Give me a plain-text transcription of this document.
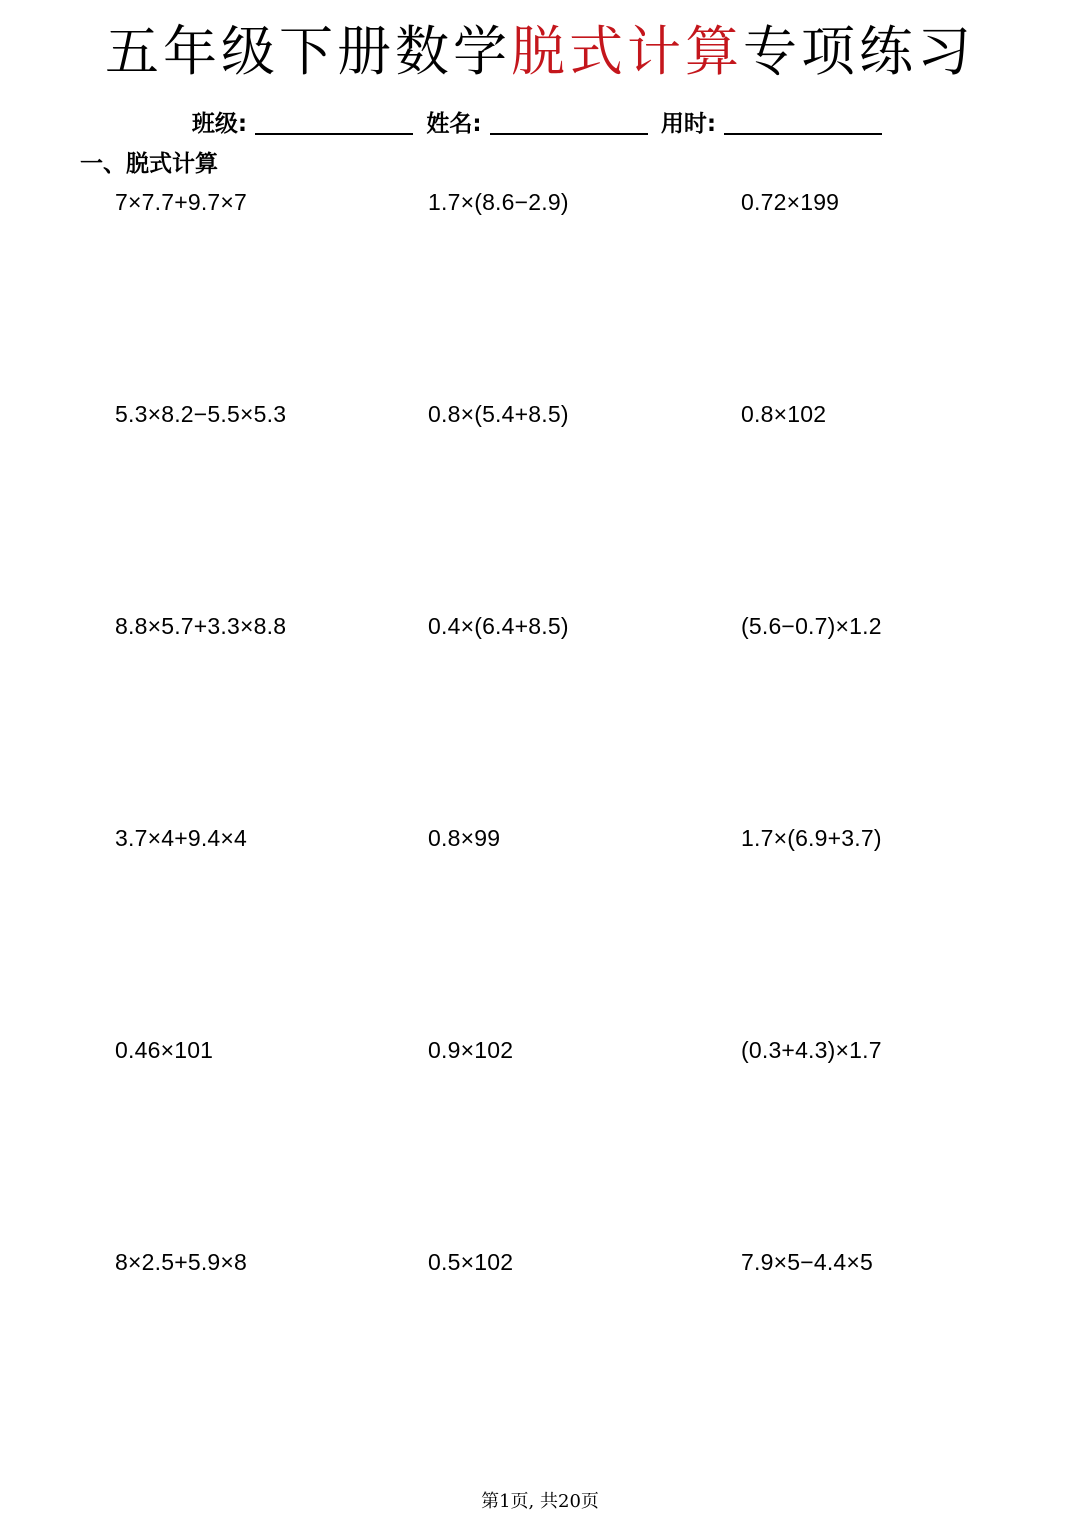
五年级下册数学脱式计算专项练习
班级:	姓名:	用时:
一、脱式计算
7×7.7+9.7×7	1.7×(8.6−2.9)	0.72×199
5.3×8.2−5.5×5.3	0.8×(5.4+8.5)	0.8×102
8.8×5.7+3.3×8.8	0.4×(6.4+8.5)	(5.6−0.7)×1.2
3.7×4+9.4×4	0.8×99	1.7×(6.9+3.7)
0.46×101	0.9×102	(0.3+4.3)×1.7
8×2.5+5.9×8	0.5×102	7.9×5−4.4×5
第1页, 共20页
